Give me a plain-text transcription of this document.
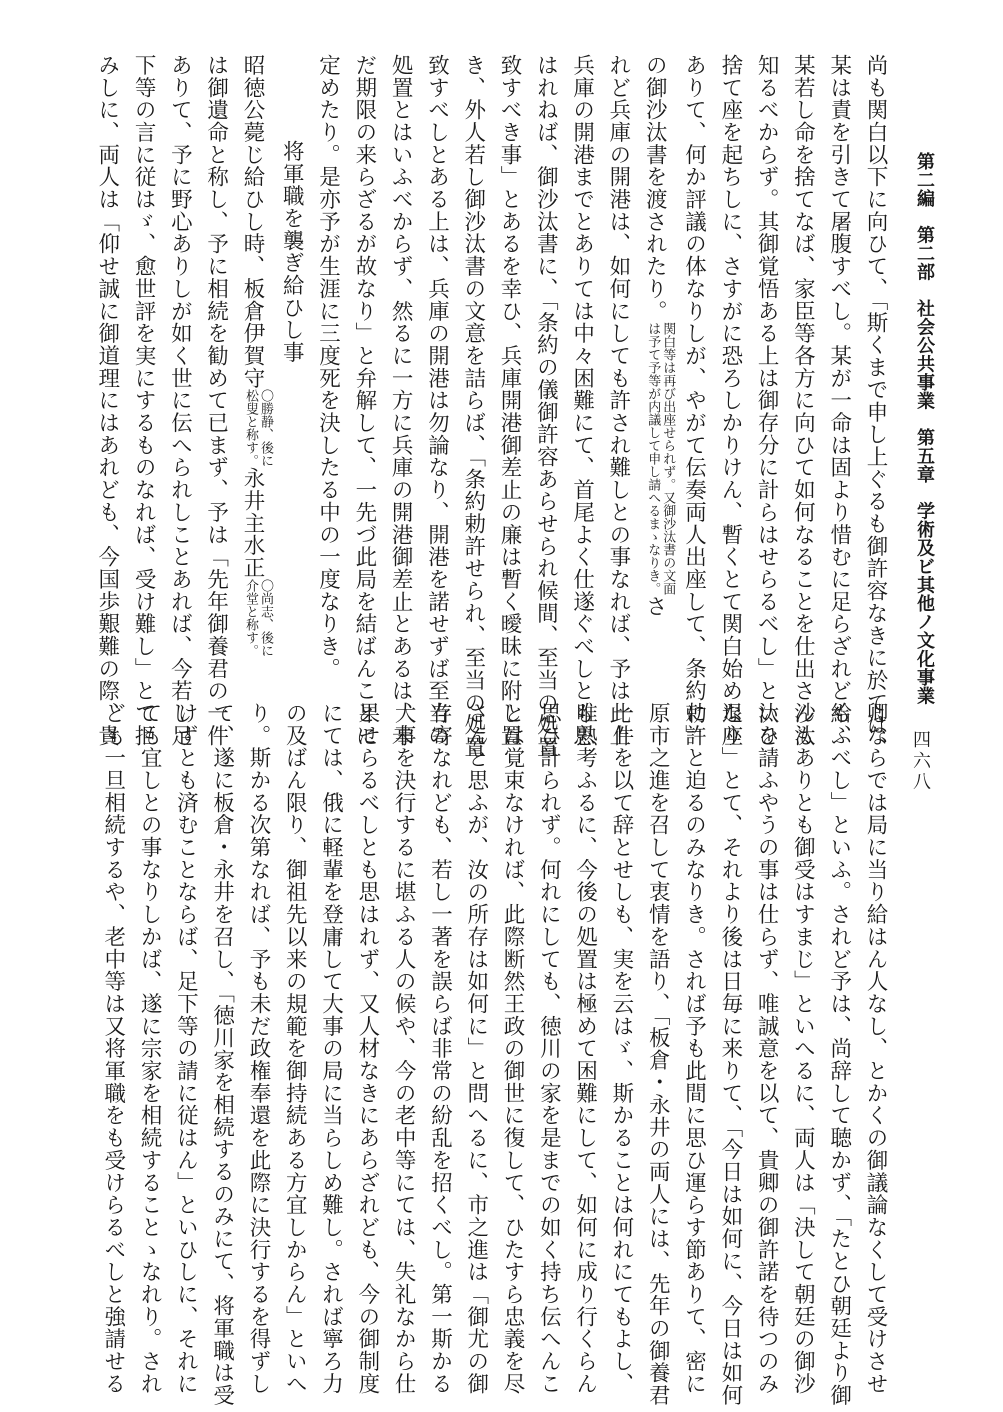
第二編第二部社会公共事業第五章学術及ビ其他ノ文化事業
四六八
尚も関白以下に向ひて、「斯くまで申し上ぐるも御許容なきに於ては、
某は責を引きて屠腹すべし。某が一命は固より惜むに足らざれども、
某若し命を捨てなば、家臣等各方に向ひて如何なることを仕出さんも
知るべからず。其御覚悟ある上は御存分に計らはせらるべし」といひ
捨て座を起ちしに、さすがに恐ろしかりけん、暫くとて関白始め退座
ありて、何か評議の体なりしが、やがて伝奏両人出座して、条約勅許
の御沙汰書を渡されたり。
関白等は再び出座せられず。又御沙汰書の文面
は予て予等が内議して申し請へるまゝなりき。
さ
れど兵庫の開港は、如何にしても許され難しとの事なれば、予は此上
兵庫の開港までとありては中々困難にて、首尾よく仕遂ぐべしとも思
はれねば、御沙汰書に、「条約の儀御許容あらせられ候間、至当の処置
致すべき事」とあるを幸ひ、兵庫開港御差止の廉は暫く曖昧に附し置
き、外人若し御沙汰書の文意を詰らば、「条約勅許せられ、至当の処置
致すべしとある上は、兵庫の開港は勿論なり、開港を諾せずば至当の
処置とはいふべからず、然るに一方に兵庫の開港御差止とあるは、未
だ期限の来らざるが故なり」と弁解して、一先づ此局を結ばんことに
定めたり。是亦予が生涯に三度死を決したる中の一度なりき。
将軍職を襲ぎ給ひし事
昭徳公薨じ給ひし時、板倉伊賀守
〇勝静、後に
松叟と称す。
永井主水正
〇尚志、後に
介堂と称す。
は御遺命と称し、予に相続を勧めて已まず、予は「先年御養君の一件
ありて、予に野心ありしが如く世に伝へられしことあれば、今若し足
下等の言に従はゞ、愈世評を実にするものなれば、受け難し」とて拒
みしに、両人は「仰せ誠に御道理にはあれども、今国歩艱難の際、貴
卿ならでは局に当り給はん人なし、とかくの御議論なくして受けさせ
給ふべし」といふ。されど予は、尚辞して聴かず、「たとひ朝廷より御
沙汰ありとも御受はすまじ」といへるに、両人は「決して朝廷の御沙
汰を請ふやうの事は仕らず、唯誠意を以て、貴卿の御許諾を待つのみ
なり」とて、それより後は日毎に来りて、「今日は如何に、今日は如何
に」と迫るのみなりき。されば予も此間に思ひ運らす節ありて、密に
原市之進を召して衷情を語り、「板倉・永井の両人には、先年の御養君
一件を以て辞とせしも、実を云はゞ、斯かることは何れにてもよし、
唯熟考ふるに、今後の処置は極めて困難にして、如何に成り行くらん
思ひ計られず。何れにしても、徳川の家を是までの如く持ち伝へんこ
とは覚束なければ、此際断然王政の御世に復して、ひたすら忠義を尽
さんと思ふが、汝の所存は如何に」と問へるに、市之進は「御尤の御
存寄なれども、若し一著を誤らば非常の紛乱を招くべし。第一斯かる
大事を決行するに堪ふる人の候や、今の老中等にては、失礼なから仕
果せらるべしとも思はれず、又人材なきにあらざれども、今の御制度
にては、俄に軽輩を登庸して大事の局に当らしめ難し。されば寧ろ力
の及ばん限り、御祖先以来の規範を御持続ある方宜しからん」といへ
り。斯かる次第なれば、予も未だ政権奉還を此際に決行するを得ずし
て、遂に板倉・永井を召し、「徳川家を相続するのみにて、将軍職は受
けずとも済むことならば、足下等の請に従はん」といひしに、それに
ても宜しとの事なりしかば、遂に宗家を相続することゝなれり。され
ども一旦相続するや、老中等は又将軍職をも受けらるべしと強請せる
